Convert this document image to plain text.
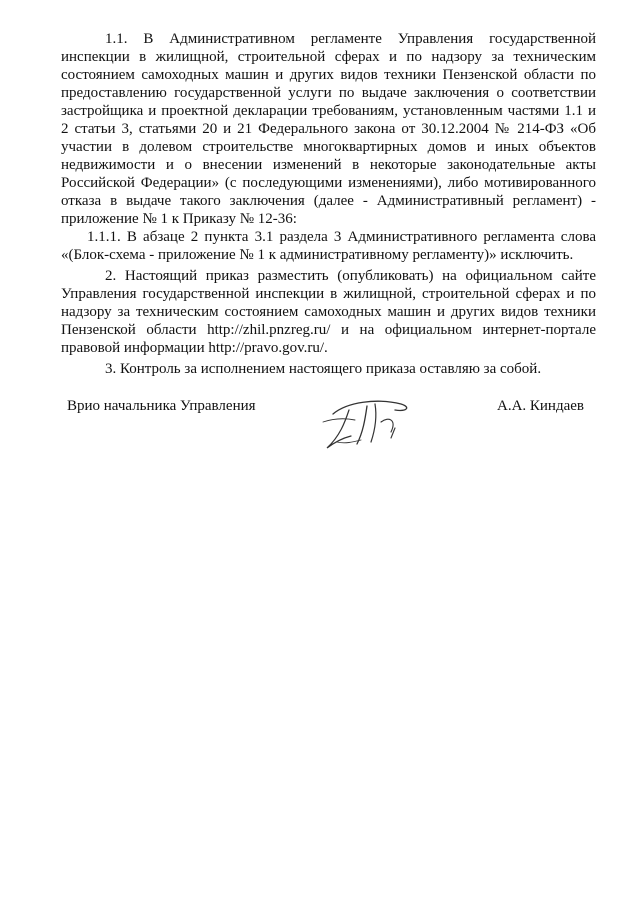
1.1. В Административном регламенте Управления государственной инспекции в жилищной, строительной сферах и по надзору за техническим состоянием самоходных машин и других видов техники Пензенской области по предоставлению государственной услуги по выдаче заключения о соответствии застройщика и проектной декларации требованиям, установленным частями 1.1 и 2 статьи 3, статьями 20 и 21 Федерального закона от 30.12.2004 № 214-ФЗ «Об участии в долевом строительстве многоквартирных домов и иных объектов недвижимости и о внесении изменений в некоторые законодательные акты Российской Федерации» (с последующими изменениями), либо мотивированного отказа в выдаче такого заключения (далее - Административный регламент) - приложение № 1 к Приказу № 12-36:

1.1.1. В абзаце 2 пункта 3.1 раздела 3 Административного регламента слова «(Блок-схема - приложение № 1 к административному регламенту)» исключить.

2. Настоящий приказ разместить (опубликовать) на официальном сайте Управления государственной инспекции в жилищной, строительной сферах и по надзору за техническим состоянием самоходных машин и других видов техники Пензенской области http://zhil.pnzreg.ru/ и на официальном интернет-портале правовой информации http://pravo.gov.ru/.

3. Контроль за исполнением настоящего приказа оставляю за собой.

Врио начальника Управления	А.А. Киндаев
